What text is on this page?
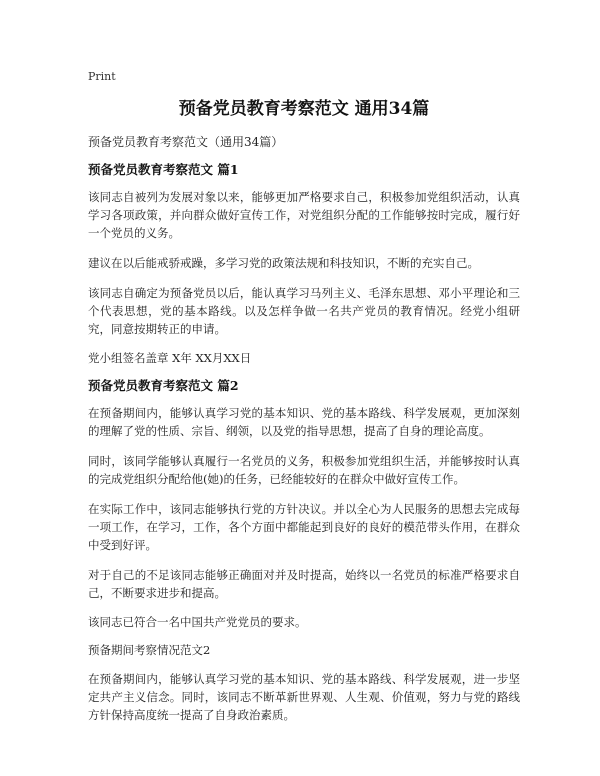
Print
预备党员教育考察范文 通用34篇
预备党员教育考察范文（通用34篇）
预备党员教育考察范文 篇1
该同志自被列为发展对象以来，能够更加严格要求自己，积极参加党组织活动，认真学习各项政策，并向群众做好宣传工作，对党组织分配的工作能够按时完成，履行好一个党员的义务。
建议在以后能戒骄戒躁，多学习党的政策法规和科技知识，不断的充实自己。
该同志自确定为预备党员以后，能认真学习马列主义、毛泽东思想、邓小平理论和三个代表思想，党的基本路线。以及怎样争做一名共产党员的教育情况。经党小组研究，同意按期转正的申请。
党小组签名盖章 X年 XX月XX日
预备党员教育考察范文 篇2
在预备期间内，能够认真学习党的基本知识、党的基本路线、科学发展观，更加深刻的理解了党的性质、宗旨、纲领，以及党的指导思想，提高了自身的理论高度。
同时，该同学能够认真履行一名党员的义务，积极参加党组织生活，并能够按时认真的完成党组织分配给他(她)的任务，已经能较好的在群众中做好宣传工作。
在实际工作中，该同志能够执行党的方针决议。并以全心为人民服务的思想去完成每一项工作，在学习，工作，各个方面中都能起到良好的良好的模范带头作用，在群众中受到好评。
对于自己的不足该同志能够正确面对并及时提高，始终以一名党员的标准严格要求自己，不断要求进步和提高。
该同志已符合一名中国共产党党员的要求。
预备期间考察情况范文2
在预备期间内，能够认真学习党的基本知识、党的基本路线、科学发展观，进一步坚定共产主义信念。同时，该同志不断革新世界观、人生观、价值观，努力与党的路线方针保持高度统一提高了自身政治素质。
